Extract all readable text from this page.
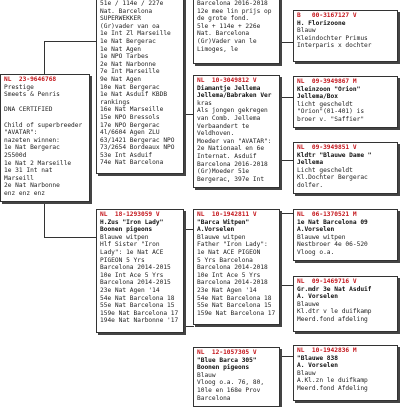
NL  23-9646768
Prestige
Smeets & Penris

DNA CERTIFIED

Child of superbreeder
"AVATAR":
nazeten winnen:
1e Nat Bergerac
25500d
1e Nat 2 Marseille
1e 31 Int nat
Marseill
2e Nat Narbonne
enz enz enz
51e / 114e / 227e
Nat. Barcelona
SUPERWEKKER
(Gr)vader van oa
1e Int Zl Marseille
1e Nat Bergerac
1e Nat Agen
1e NPO Tarbes
2e Nat Narbonne
7e Int Marseille
9e Nat Agen
10e Nat Bergerac
1e Nat Asduif KBDB
rankings
16e Nat Marseille
15e NPO Bressols
17e NPO Bergerac
4l/6604 Agen ZLU
63/1421 Bergerac NPO
73/2654 Bordeaux NPO
53e Int Asduif
74e Nat Barcelona
NL  18-1293059 V
H.Zus "Iron Lady"
Boonen pigeons
Blauwe witpen
Hlf Sister "Iron
Lady": 1e Nat ACE
PIGEON 5 Yrs
Barcelona 2014-2015
10e Int Ace 5 Yrs
Barcelona 2014-2015
23e Nat Agen '14
54e Nat Barcelona 18
55e Nat Barcelona 15
159e Nat Barcelona 17
194e Nat Narbonne '17
Barcelona 2016-2018
12e mee lin prijs op
de grote fond.
5le + 114e + 226e
Nat. Barcelona
(Gr)Vader van le
Limoges, le
NL  10-3049812 V
Diamantje Jellema
Jellema/Babraken Ver
kras
Als jongen gekregen
van Comb. Jellema
Verbaandert te
Veldhoven.
Moeder van "AVATAR":
2e Nationaal en 6e
Internat. Asduif
Barcelona 2016-2018
(Gr)Moeder 51e
Bergerac, 397e Int
NL  10-1942811 V
"Barca Witpen"
A.Vorselen
Blauwe witpen
Father "Iron Lady":
1e Nat ACE PIGEON
5 Yrs Barcelona
Barcelona 2014-2018
10e Int Ace 5 Yrs
Barcelona 2014-2018
23e Nat Agen '14
54e Nat Barcelona 18
55e Nat Barcelona 15
159e Nat Barcelona 17
NL  12-1057305 V
"Blue Barca 305"
Boonen pigeons
Blauw
Vloog o.a. 76, 80,
10le en 168e Prov
Barcelona
B   00-3167127 V
H. Florizoone
Blauw
Kleindochter Primus
Interparis x dochter
NL  09-3949867 M
Kleinzoon "Orion"
Jellema/Box
licht gescheldt
"Orion"(01-401) is
broer v. "Saffier"
NL  09-3949851 V
Kldtr "Blauwe Dame "
Jellema
Licht gescheldt
Kl.Dochter Bergerac
dolfer.
NL  06-1370521 M
1e Nat Barcelona 09
A.Vorselen
Blauwe witpen
Nestbroer 4e 06-520
Vloog o.a.
NL  09-1469716 V
Gr.mdr 3e Nat Asduif
A. Vorselen
Blauwe
Kl.dtr v le duifkamp
Meerd.fond afdeling
NL  10-1942836 M
"Blauwe 838
A. Vorselen
Blauw
A.Kl.zn le duifkamp
Meerd.fond Afdeling
